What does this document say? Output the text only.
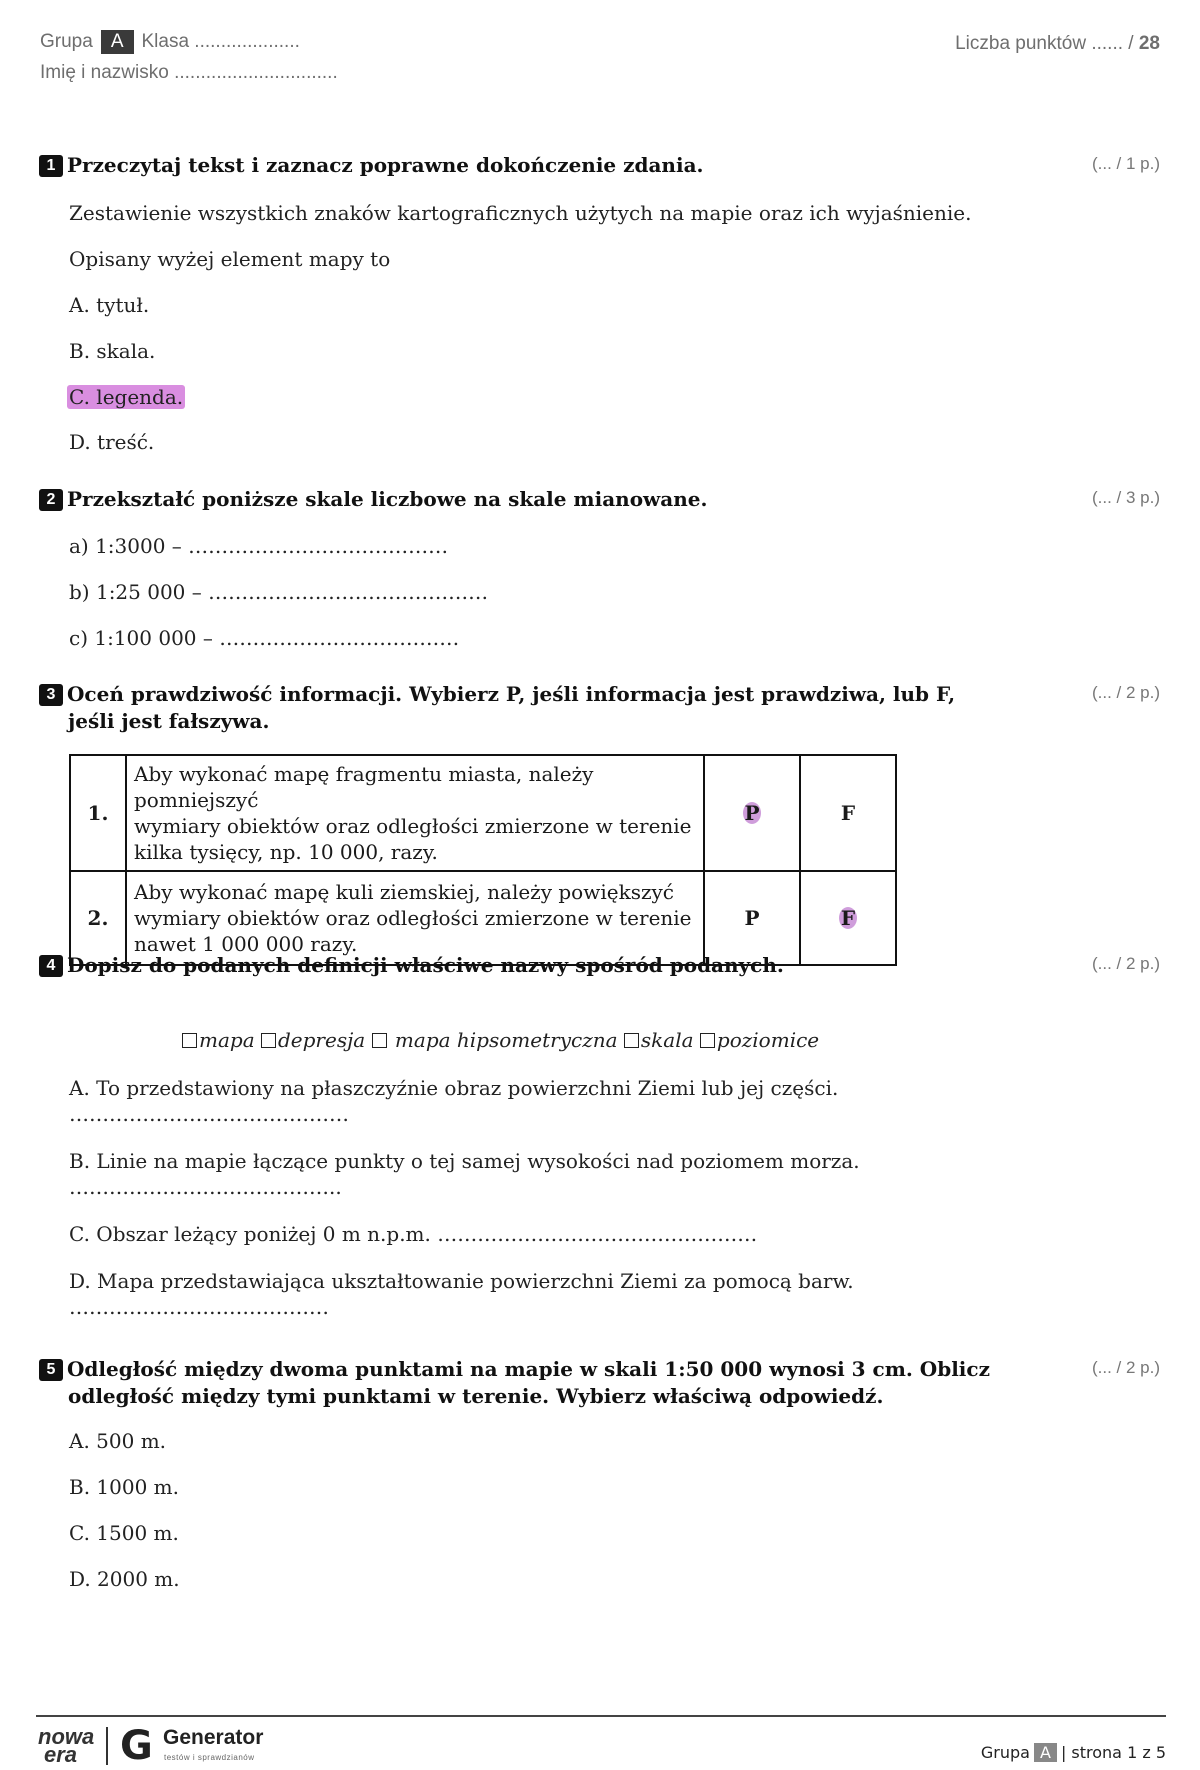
Grupa A Klasa ....................
Imię i nazwisko ...............................
Liczba punktów ...... / 28
1 Przeczytaj tekst i zaznacz poprawne dokończenie zdania.	(... / 1 p.)
Zestawienie wszystkich znaków kartograficznych użytych na mapie oraz ich wyjaśnienie.
Opisany wyżej element mapy to
A. tytuł.
B. skala.
C. legenda.
D. treść.
2 Przekształć poniższe skale liczbowe na skale mianowane.	(... / 3 p.)
a) 1:3000 – …………………………………
b) 1:25 000 – ……………………………………
c) 1:100 000 – ………………………………
3 Oceń prawdziwość informacji. Wybierz P, jeśli informacja jest prawdziwa, lub F,
jeśli jest fałszywa.
(... / 2 p.)
1.	Aby wykonać mapę fragmentu miasta, należy pomniejszyć
wymiary obiektów oraz odległości zmierzone w terenie
kilka tysięcy, np. 10 000, razy.	P	F
2.	Aby wykonać mapę kuli ziemskiej, należy powiększyć
wymiary obiektów oraz odległości zmierzone w terenie
nawet 1 000 000 razy.	P	F
4 Dopisz do podanych definicji właściwe nazwy spośród podanych.	(... / 2 p.)
mapa depresja  mapa hipsometryczna skala poziomice
A. To przedstawiony na płaszczyźnie obraz powierzchni Ziemi lub jej części.
……………………………………
B. Linie na mapie łączące punkty o tej samej wysokości nad poziomem morza.
…………………………………..
C. Obszar leżący poniżej 0 m n.p.m. …………………………………………
D. Mapa przedstawiająca ukształtowanie powierzchni Ziemi za pomocą barw.
…………………………………
5 Odległość między dwoma punktami na mapie w skali 1:50 000 wynosi 3 cm. Oblicz
odległość między tymi punktami w terenie. Wybierz właściwą odpowiedź.
(... / 2 p.)
A. 500 m.
B. 1000 m.
C. 1500 m.
D. 2000 m.
nowa
era	G Generator
testów i sprawdzianów	Grupa A | strona 1 z 5
